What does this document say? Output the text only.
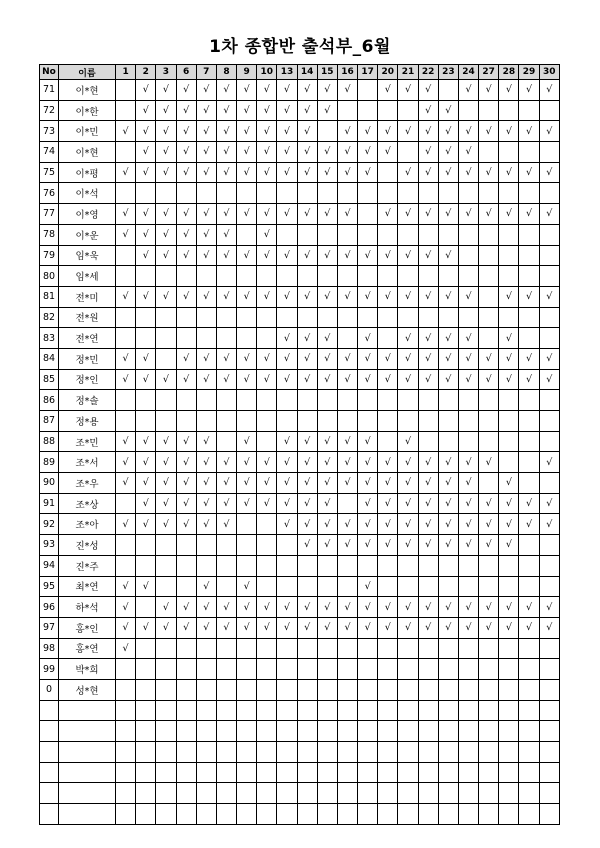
1차 종합반 출석부_6월
No	이름	1	2	3	6	7	8	9	10	13	14	15	16	17	20	21	22	23	24	27	28	29	30
71	이*현		√	√	√	√	√	√	√	√	√	√	√		√	√	√		√	√	√	√	√
72	이*한		√	√	√	√	√	√	√	√	√	√					√	√					
73	이*민	√	√	√	√	√	√	√	√	√	√		√	√	√	√	√	√	√	√	√	√	√
74	이*현		√	√	√	√	√	√	√	√	√	√	√	√	√		√	√	√				
75	이*평	√	√	√	√	√	√	√	√	√	√	√	√	√		√	√	√	√	√	√	√	√
76	이*석																						
77	이*영	√	√	√	√	√	√	√	√	√	√	√	√		√	√	√	√	√	√	√	√	√
78	이*운	√	√	√	√	√	√		√														
79	임*욱		√	√	√	√	√	√	√	√	√	√	√	√	√	√	√	√					
80	임*세																						
81	전*미	√	√	√	√	√	√	√	√	√	√	√	√	√	√	√	√	√	√		√	√	√
82	전*원																						
83	전*연									√	√	√		√		√	√	√	√		√		
84	정*민	√	√		√	√	√	√	√	√	√	√	√	√	√	√	√	√	√	√	√	√	√
85	정*인	√	√	√	√	√	√	√	√	√	√	√	√	√	√	√	√	√	√	√	√	√	√
86	정*솔																						
87	정*용																						
88	조*민	√	√	√	√	√		√		√	√	√	√	√		√							
89	조*서	√	√	√	√	√	√	√	√	√	√	√	√	√	√	√	√	√	√	√			√
90	조*우	√	√	√	√	√	√	√	√	√	√	√	√	√	√	√	√	√	√		√		
91	조*상		√	√	√	√	√	√	√	√	√	√		√	√	√	√	√	√	√	√	√	√
92	조*아	√	√	√	√	√	√			√	√	√	√	√	√	√	√	√	√	√	√	√	√
93	진*성										√	√	√	√	√	√	√	√	√	√	√		
94	진*주																						
95	최*연	√	√			√		√						√									
96	하*석	√		√	√	√	√	√	√	√	√	√	√	√	√	√	√	√	√	√	√	√	√
97	홍*인	√	√	√	√	√	√	√	√	√	√	√	√	√	√	√	√	√	√	√	√	√	√
98	홍*연	√																					
99	박*희																						
0	성*현																						
